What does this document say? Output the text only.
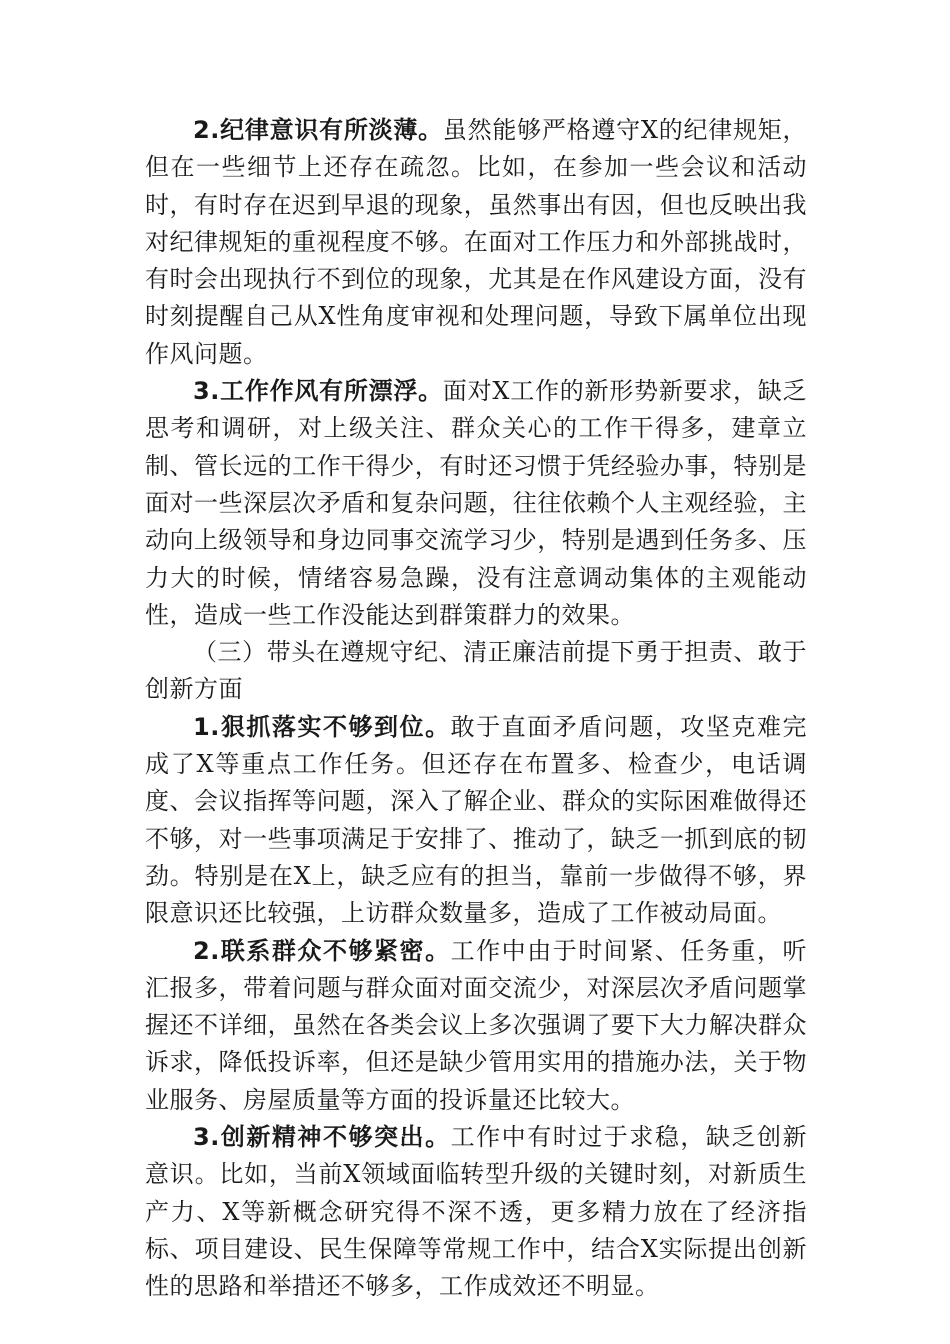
2.纪律意识有所淡薄。虽然能够严格遵守X的纪律规矩，但在一些细节上还存在疏忽。比如，在参加一些会议和活动时，有时存在迟到早退的现象，虽然事出有因，但也反映出我对纪律规矩的重视程度不够。在面对工作压力和外部挑战时，有时会出现执行不到位的现象，尤其是在作风建设方面，没有时刻提醒自己从X性角度审视和处理问题，导致下属单位出现作风问题。

3.工作作风有所漂浮。面对X工作的新形势新要求，缺乏思考和调研，对上级关注、群众关心的工作干得多，建章立制、管长远的工作干得少，有时还习惯于凭经验办事，特别是面对一些深层次矛盾和复杂问题，往往依赖个人主观经验，主动向上级领导和身边同事交流学习少，特别是遇到任务多、压力大的时候，情绪容易急躁，没有注意调动集体的主观能动性，造成一些工作没能达到群策群力的效果。

（三）带头在遵规守纪、清正廉洁前提下勇于担责、敢于创新方面

1.狠抓落实不够到位。敢于直面矛盾问题，攻坚克难完成了X等重点工作任务。但还存在布置多、检查少，电话调度、会议指挥等问题，深入了解企业、群众的实际困难做得还不够，对一些事项满足于安排了、推动了，缺乏一抓到底的韧劲。特别是在X上，缺乏应有的担当，靠前一步做得不够，界限意识还比较强，上访群众数量多，造成了工作被动局面。

2.联系群众不够紧密。工作中由于时间紧、任务重，听汇报多，带着问题与群众面对面交流少，对深层次矛盾问题掌握还不详细，虽然在各类会议上多次强调了要下大力解决群众诉求，降低投诉率，但还是缺少管用实用的措施办法，关于物业服务、房屋质量等方面的投诉量还比较大。

3.创新精神不够突出。工作中有时过于求稳，缺乏创新意识。比如，当前X领域面临转型升级的关键时刻，对新质生产力、X等新概念研究得不深不透，更多精力放在了经济指标、项目建设、民生保障等常规工作中，结合X实际提出创新性的思路和举措还不够多，工作成效还不明显。
